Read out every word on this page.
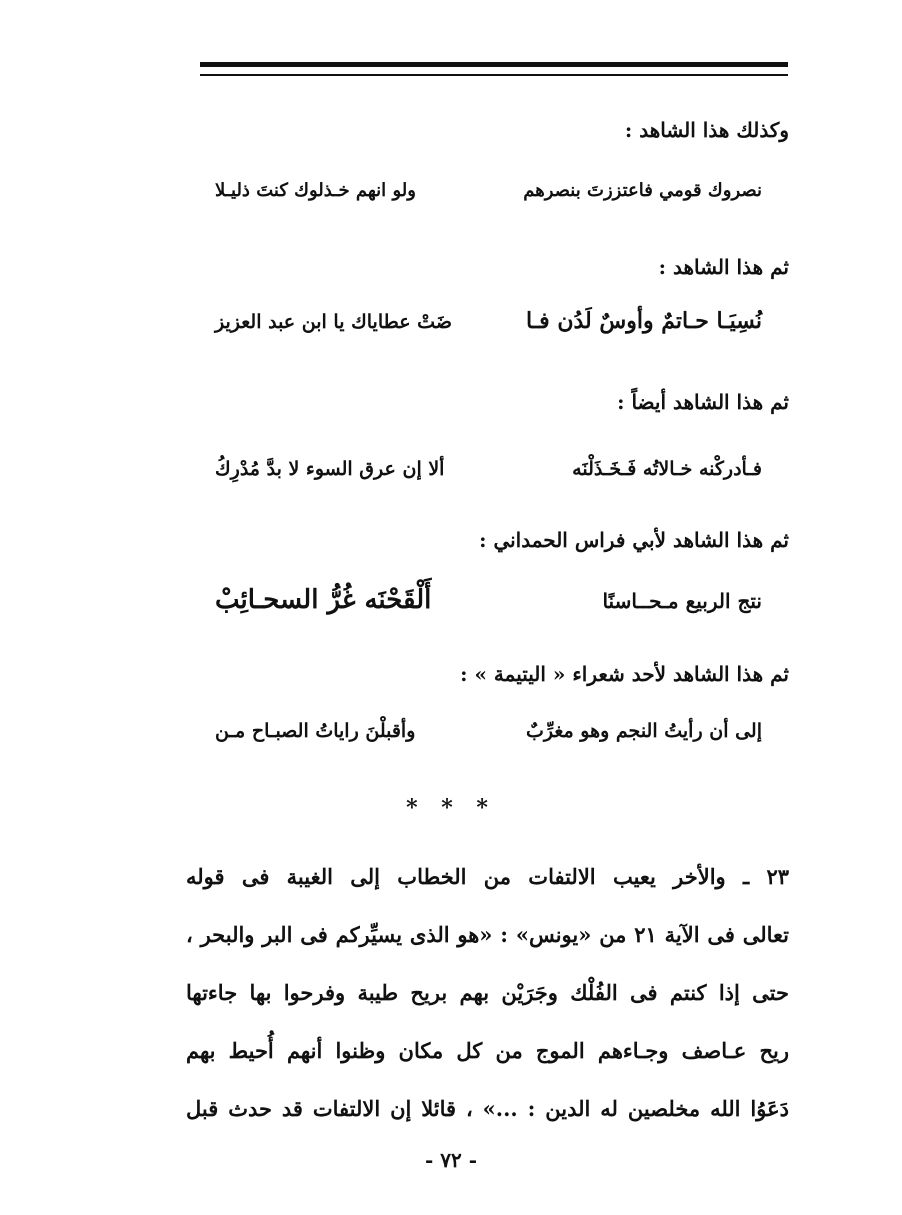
وكذلك هذا الشاهد :
نصروك قومي فاعتززتَ بنصرهم
ولو انهم خـذلوك كنتَ ذليـلا
ثم هذا الشاهد :
نُسِيَـا حـاتمٌ وأوسٌ لَدُن فـا
ضَتْ عطاياك يا ابن عبد العزيز
ثم هذا الشاهد أيضاً :
فـأدركْنه خـالاتُه فَـخَـذَلْنَه
ألا إن عرق السوء لا بدَّ مُدْرِكُ
ثم هذا الشاهد لأبي فراس الحمداني :
نتج الربيع مـحــاسنًا
أَلْقَحْنَه غُرُّ السحـائِبْ
ثم هذا الشاهد لأحد شعراء « اليتيمة » :
إلى أن رأيتُ النجم وهو مغرِّبٌ
وأقبلْنَ راياتُ الصبـاح مـن
* * *
٢٣ ـ والأخر يعيب الالتفات من الخطاب إلى الغيبة فى قوله
تعالى فى الآية ٢١ من «يونس» : «هو الذى يسيِّركم فى البر والبحر ،
حتى إذا كنتم فى الفُلْك وجَرَيْن بهم بريح طيبة وفرحوا بها جاءتها
ريح عـاصف وجـاءهم الموج من كل مكان وظنوا أنهم أُحيط بهم
دَعَوُا الله مخلصين له الدين : ...» ، قائلا إن الالتفات قد حدث قبل
- ٧٢ -
